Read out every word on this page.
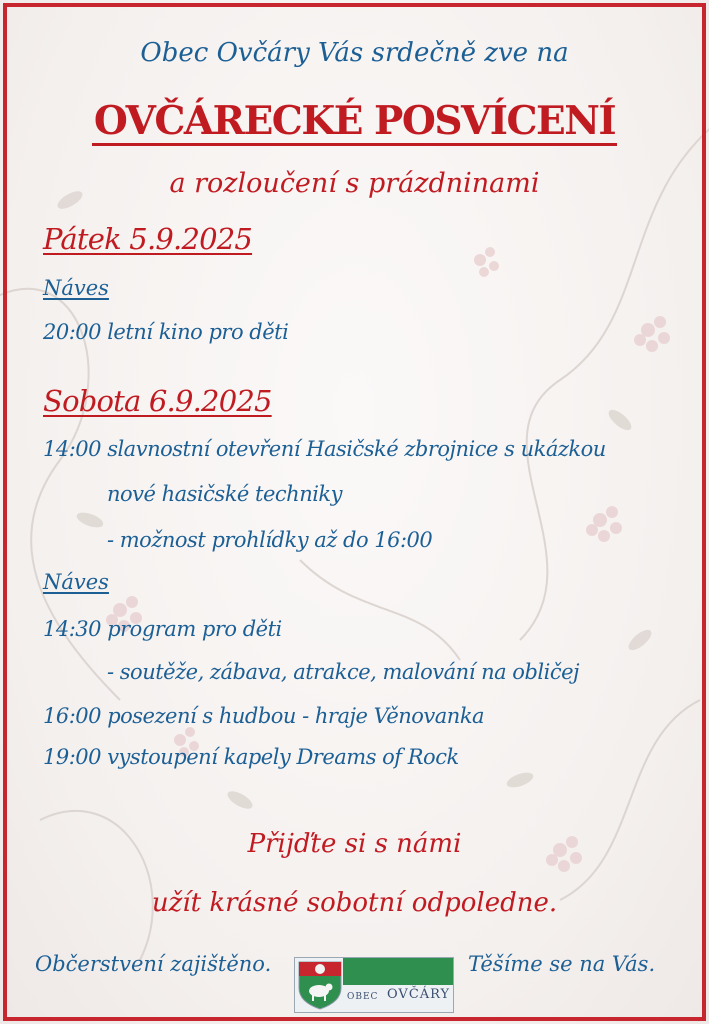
Obec Ovčáry Vás srdečně zve na
OVČÁRECKÉ POSVÍCENÍ
a rozloučení s prázdninami
Pátek 5.9.2025
Náves
20:00 letní kino pro děti
Sobota 6.9.2025
14:00 slavnostní otevření Hasičské zbrojnice s ukázkou
nové hasičské techniky
- možnost prohlídky až do 16:00
Náves
14:30 program pro děti
- soutěže, zábava, atrakce, malování na obličej
16:00 posezení s hudbou - hraje Věnovanka
19:00 vystoupení kapely Dreams of Rock
Přijďte si s námi
užít krásné sobotní odpoledne.
Občerstvení zajištěno.	Těšíme se na Vás.
OBEC OVČÁRY
